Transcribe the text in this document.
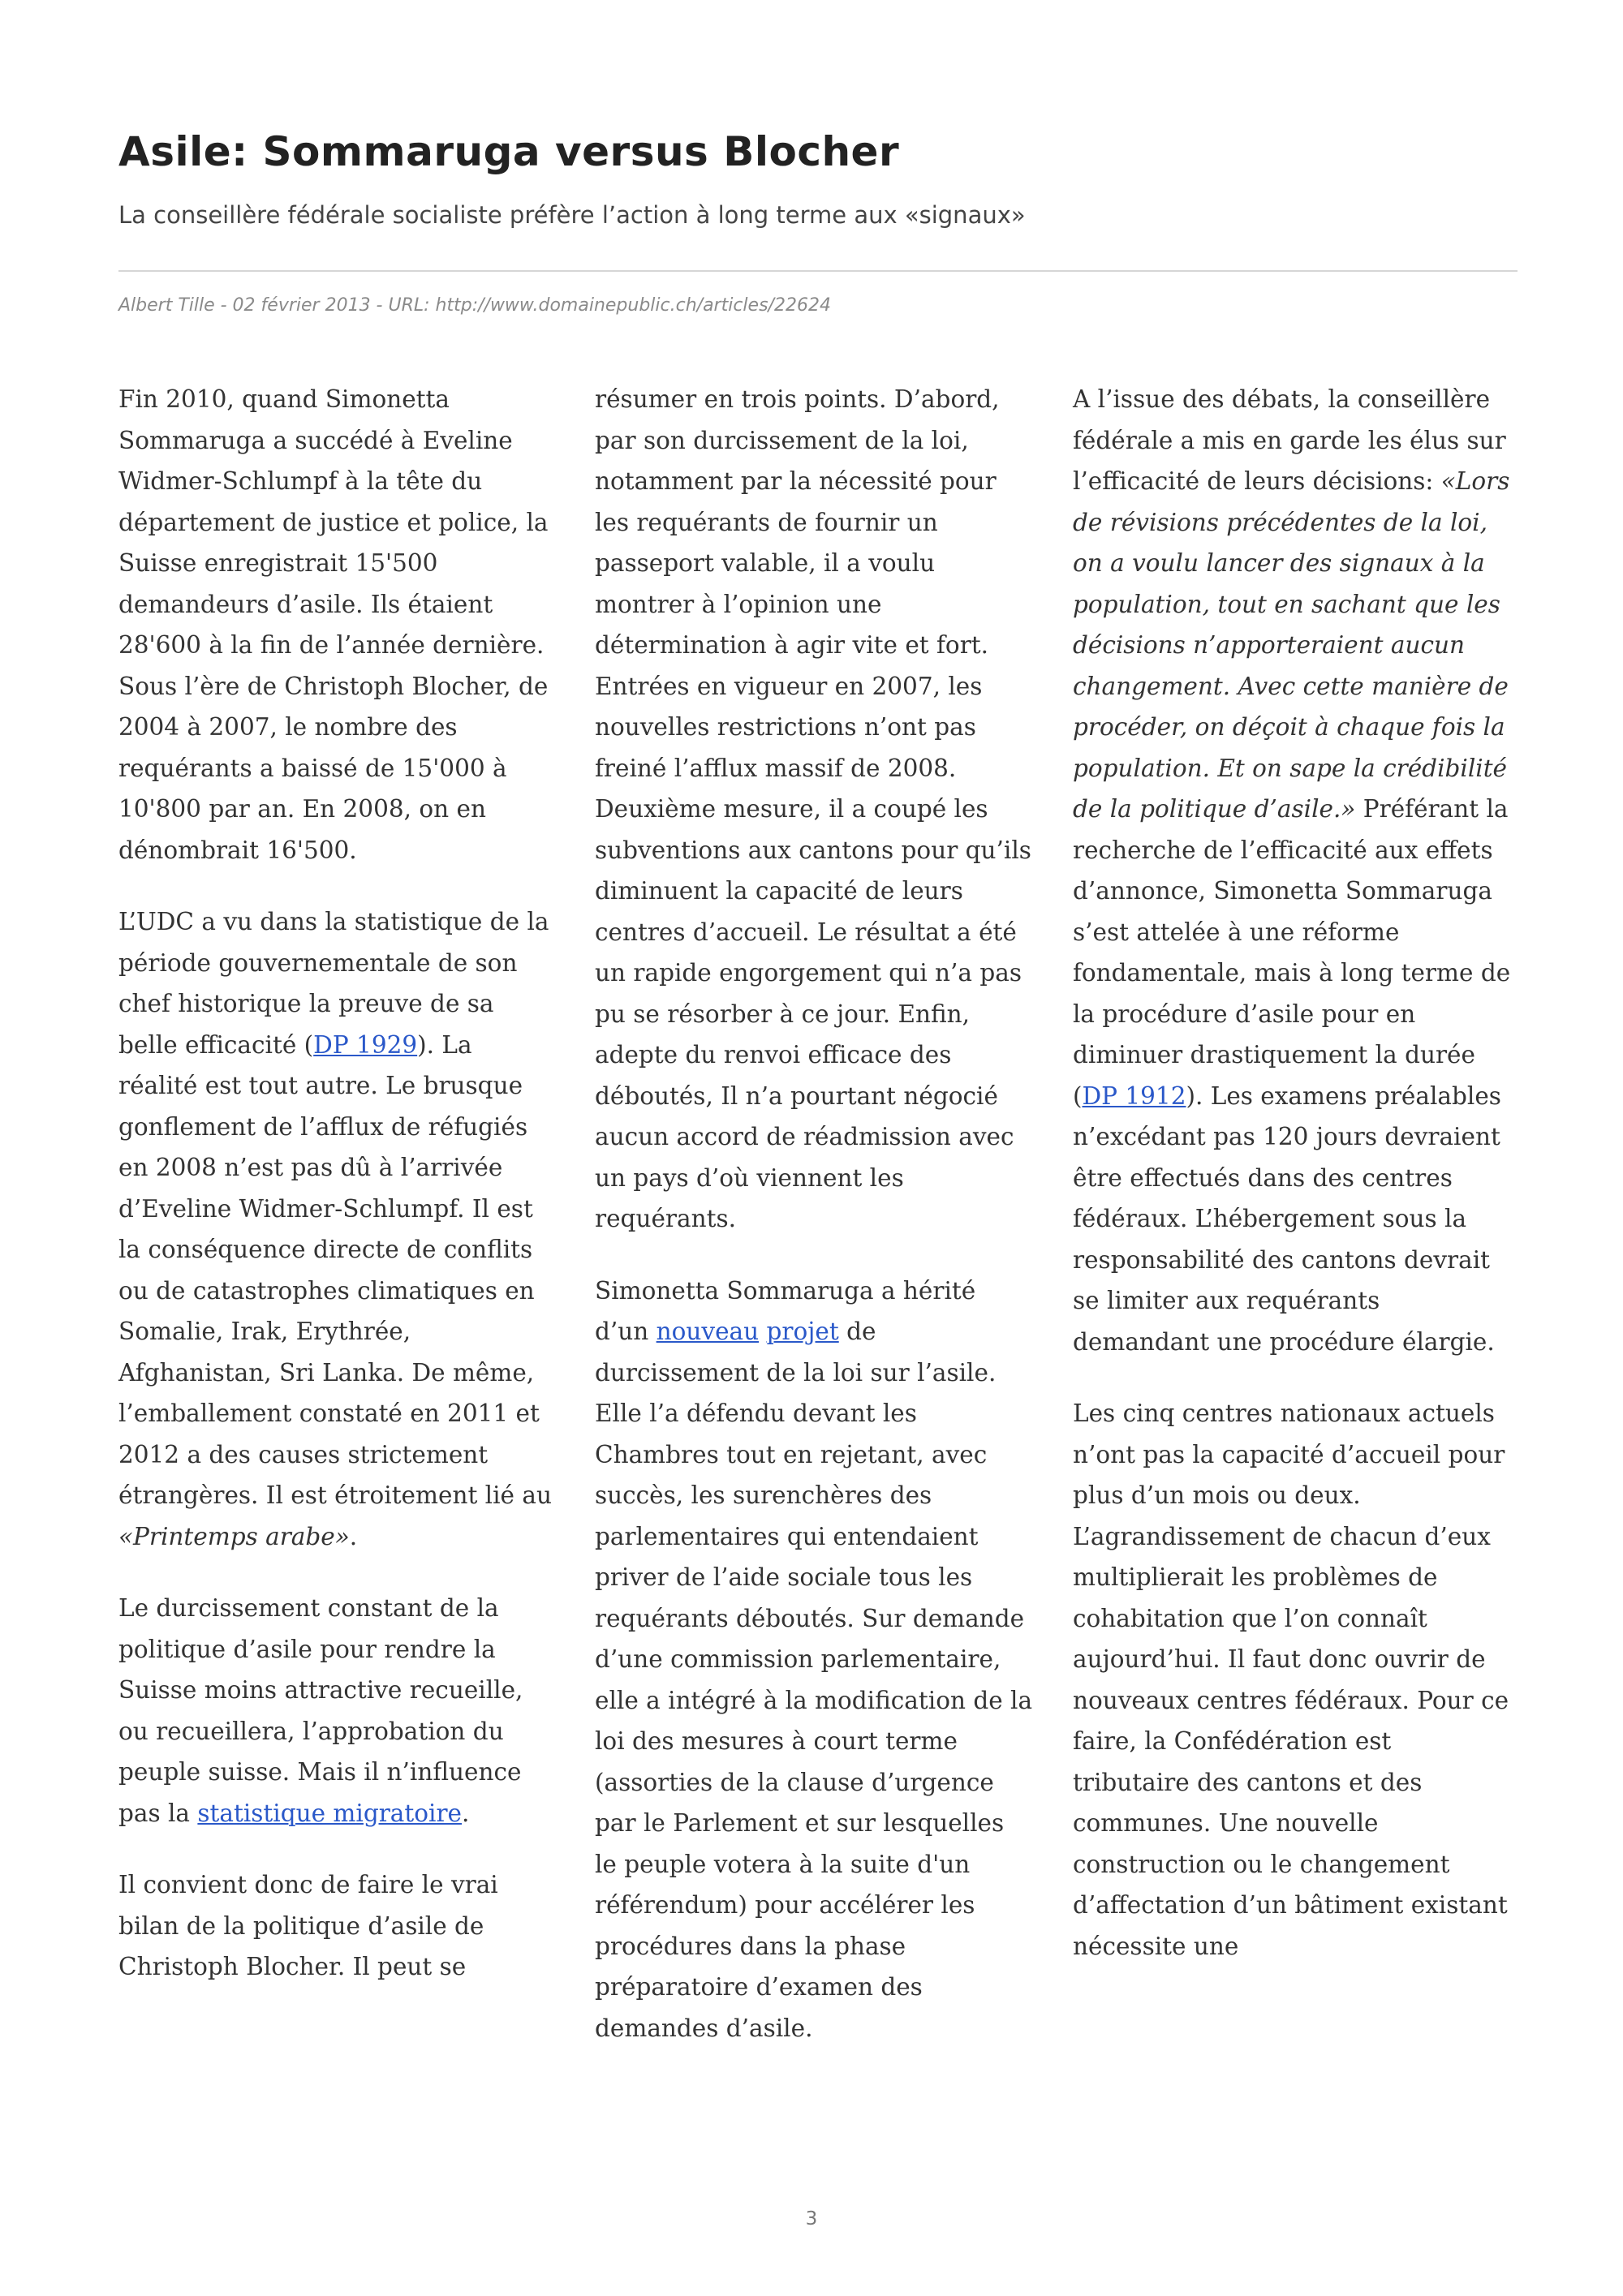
Asile: Sommaruga versus Blocher

La conseillère fédérale socialiste préfère l’action à long terme aux «signaux»

Albert Tille - 02 février 2013 - URL: http://www.domainepublic.ch/articles/22624

Fin 2010, quand Simonetta Sommaruga a succédé à Eveline Widmer-Schlumpf à la tête du département de justice et police, la Suisse enregistrait 15'500 demandeurs d’asile. Ils étaient 28'600 à la fin de l’année dernière. Sous l’ère de Christoph Blocher, de 2004 à 2007, le nombre des requérants a baissé de 15'000 à 10'800 par an. En 2008, on en dénombrait 16'500.

L’UDC a vu dans la statistique de la période gouvernementale de son chef historique la preuve de sa belle efficacité (DP 1929). La réalité est tout autre. Le brusque gonflement de l’afflux de réfugiés en 2008 n’est pas dû à l’arrivée d’Eveline Widmer-Schlumpf. Il est la conséquence directe de conflits ou de catastrophes climatiques en Somalie, Irak, Erythrée, Afghanistan, Sri Lanka. De même, l’emballement constaté en 2011 et 2012 a des causes strictement étrangères. Il est étroitement lié au «Printemps arabe».

Le durcissement constant de la politique d’asile pour rendre la Suisse moins attractive recueille, ou recueillera, l’approbation du peuple suisse. Mais il n’influence pas la statistique migratoire.

Il convient donc de faire le vrai bilan de la politique d’asile de Christoph Blocher. Il peut se

résumer en trois points. D’abord, par son durcissement de la loi, notamment par la nécessité pour les requérants de fournir un passeport valable, il a voulu montrer à l’opinion une détermination à agir vite et fort. Entrées en vigueur en 2007, les nouvelles restrictions n’ont pas freiné l’afflux massif de 2008. Deuxième mesure, il a coupé les subventions aux cantons pour qu’ils diminuent la capacité de leurs centres d’accueil. Le résultat a été un rapide engorgement qui n’a pas pu se résorber à ce jour. Enfin, adepte du renvoi efficace des déboutés, Il n’a pourtant négocié aucun accord de réadmission avec un pays d’où viennent les requérants.

Simonetta Sommaruga a hérité d’un nouveau projet de durcissement de la loi sur l’asile. Elle l’a défendu devant les Chambres tout en rejetant, avec succès, les surenchères des parlementaires qui entendaient priver de l’aide sociale tous les requérants déboutés. Sur demande d’une commission parlementaire, elle a intégré à la modification de la loi des mesures à court terme (assorties de la clause d’urgence par le Parlement et sur lesquelles le peuple votera à la suite d'un référendum) pour accélérer les procédures dans la phase préparatoire d’examen des demandes d’asile.

A l’issue des débats, la conseillère fédérale a mis en garde les élus sur l’efficacité de leurs décisions: «Lors de révisions précédentes de la loi, on a voulu lancer des signaux à la population, tout en sachant que les décisions n’apporteraient aucun changement. Avec cette manière de procéder, on déçoit à chaque fois la population. Et on sape la crédibilité de la politique d’asile.» Préférant la recherche de l’efficacité aux effets d’annonce, Simonetta Sommaruga s’est attelée à une réforme fondamentale, mais à long terme de la procédure d’asile pour en diminuer drastiquement la durée (DP 1912). Les examens préalables n’excédant pas 120 jours devraient être effectués dans des centres fédéraux. L’hébergement sous la responsabilité des cantons devrait se limiter aux requérants demandant une procédure élargie.

Les cinq centres nationaux actuels n’ont pas la capacité d’accueil pour plus d’un mois ou deux. L’agrandissement de chacun d’eux multiplierait les problèmes de cohabitation que l’on connaît aujourd’hui. Il faut donc ouvrir de nouveaux centres fédéraux. Pour ce faire, la Confédération est tributaire des cantons et des communes. Une nouvelle construction ou le changement d’affectation d’un bâtiment existant nécessite une

3
